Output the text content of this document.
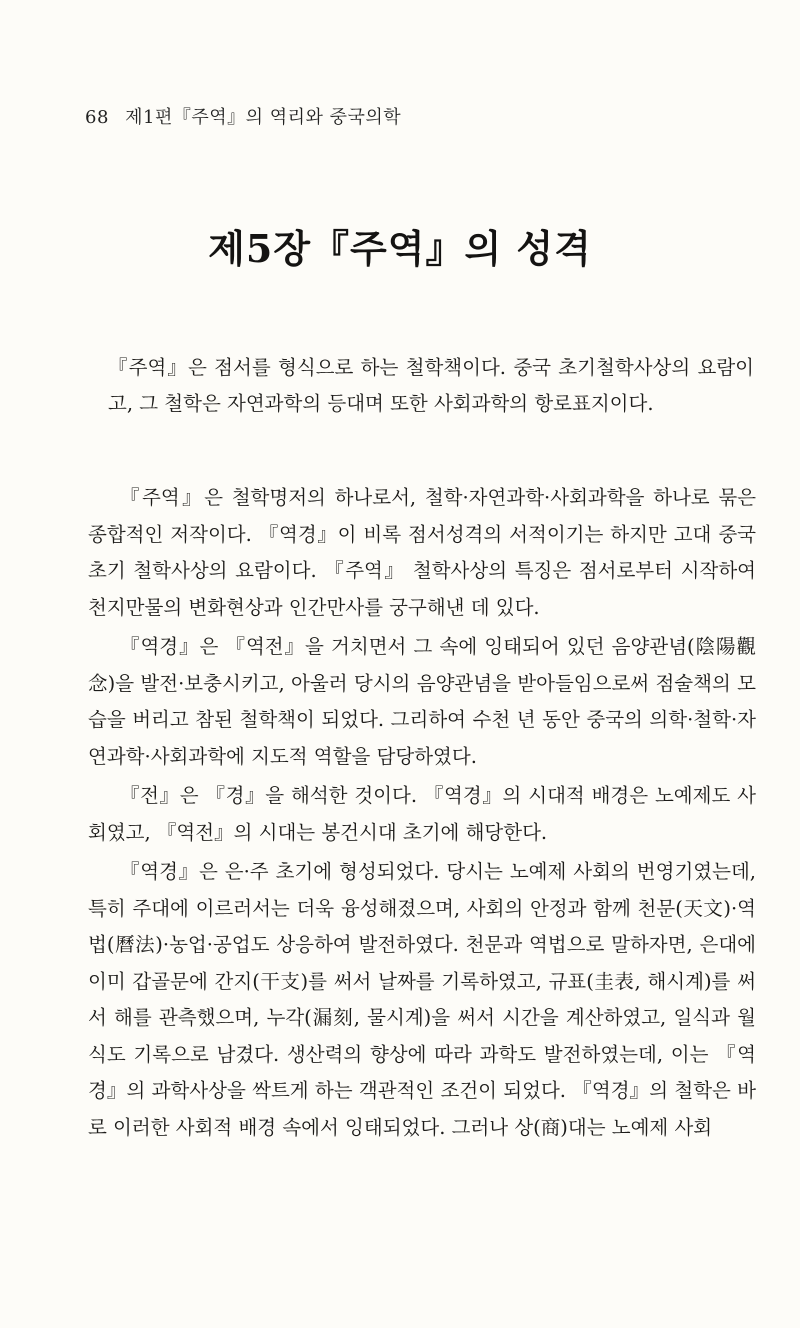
68 제1편『주역』의 역리와 중국의학
제5장『주역』의 성격

『주역』은 점서를 형식으로 하는 철학책이다. 중국 초기철학사상의 요람이고, 그 철학은 자연과학의 등대며 또한 사회과학의 항로표지이다.

『주역』은 철학명저의 하나로서, 철학·자연과학·사회과학을 하나로 묶은 종합적인 저작이다. 『역경』이 비록 점서성격의 서적이기는 하지만 고대 중국 초기 철학사상의 요람이다. 『주역』 철학사상의 특징은 점서로부터 시작하여 천지만물의 변화현상과 인간만사를 궁구해낸 데 있다.

『역경』은 『역전』을 거치면서 그 속에 잉태되어 있던 음양관념(陰陽觀念)을 발전·보충시키고, 아울러 당시의 음양관념을 받아들임으로써 점술책의 모습을 버리고 참된 철학책이 되었다. 그리하여 수천 년 동안 중국의 의학·철학·자연과학·사회과학에 지도적 역할을 담당하였다.

『전』은 『경』을 해석한 것이다. 『역경』의 시대적 배경은 노예제도 사회였고, 『역전』의 시대는 봉건시대 초기에 해당한다.

『역경』은 은·주 초기에 형성되었다. 당시는 노예제 사회의 번영기였는데, 특히 주대에 이르러서는 더욱 융성해졌으며, 사회의 안정과 함께 천문(天文)·역법(曆法)·농업·공업도 상응하여 발전하였다. 천문과 역법으로 말하자면, 은대에 이미 갑골문에 간지(干支)를 써서 날짜를 기록하였고, 규표(圭表, 해시계)를 써서 해를 관측했으며, 누각(漏刻, 물시계)을 써서 시간을 계산하였고, 일식과 월식도 기록으로 남겼다. 생산력의 향상에 따라 과학도 발전하였는데, 이는 『역경』의 과학사상을 싹트게 하는 객관적인 조건이 되었다. 『역경』의 철학은 바로 이러한 사회적 배경 속에서 잉태되었다. 그러나 상(商)대는 노예제 사회
